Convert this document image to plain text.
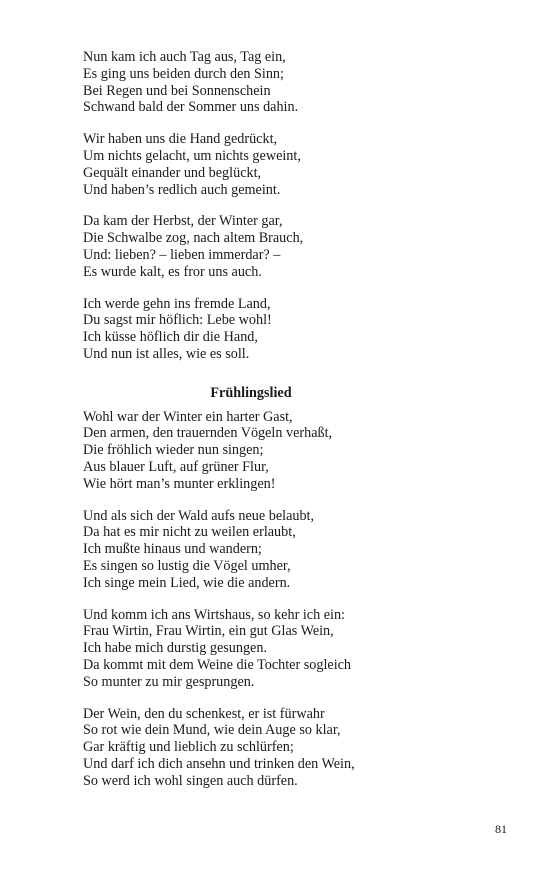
Nun kam ich auch Tag aus, Tag ein,
Es ging uns beiden durch den Sinn;
Bei Regen und bei Sonnenschein
Schwand bald der Sommer uns dahin.
Wir haben uns die Hand gedrückt,
Um nichts gelacht, um nichts geweint,
Gequält einander und beglückt,
Und haben’s redlich auch gemeint.
Da kam der Herbst, der Winter gar,
Die Schwalbe zog, nach altem Brauch,
Und: lieben? – lieben immerdar? –
Es wurde kalt, es fror uns auch.
Ich werde gehn ins fremde Land,
Du sagst mir höflich: Lebe wohl!
Ich küsse höflich dir die Hand,
Und nun ist alles, wie es soll.
Frühlingslied
Wohl war der Winter ein harter Gast,
Den armen, den trauernden Vögeln verhaßt,
Die fröhlich wieder nun singen;
Aus blauer Luft, auf grüner Flur,
Wie hört man’s munter erklingen!
Und als sich der Wald aufs neue belaubt,
Da hat es mir nicht zu weilen erlaubt,
Ich mußte hinaus und wandern;
Es singen so lustig die Vögel umher,
Ich singe mein Lied, wie die andern.
Und komm ich ans Wirtshaus, so kehr ich ein:
Frau Wirtin, Frau Wirtin, ein gut Glas Wein,
Ich habe mich durstig gesungen.
Da kommt mit dem Weine die Tochter sogleich
So munter zu mir gesprungen.
Der Wein, den du schenkest, er ist fürwahr
So rot wie dein Mund, wie dein Auge so klar,
Gar kräftig und lieblich zu schlürfen;
Und darf ich dich ansehn und trinken den Wein,
So werd ich wohl singen auch dürfen.
81
